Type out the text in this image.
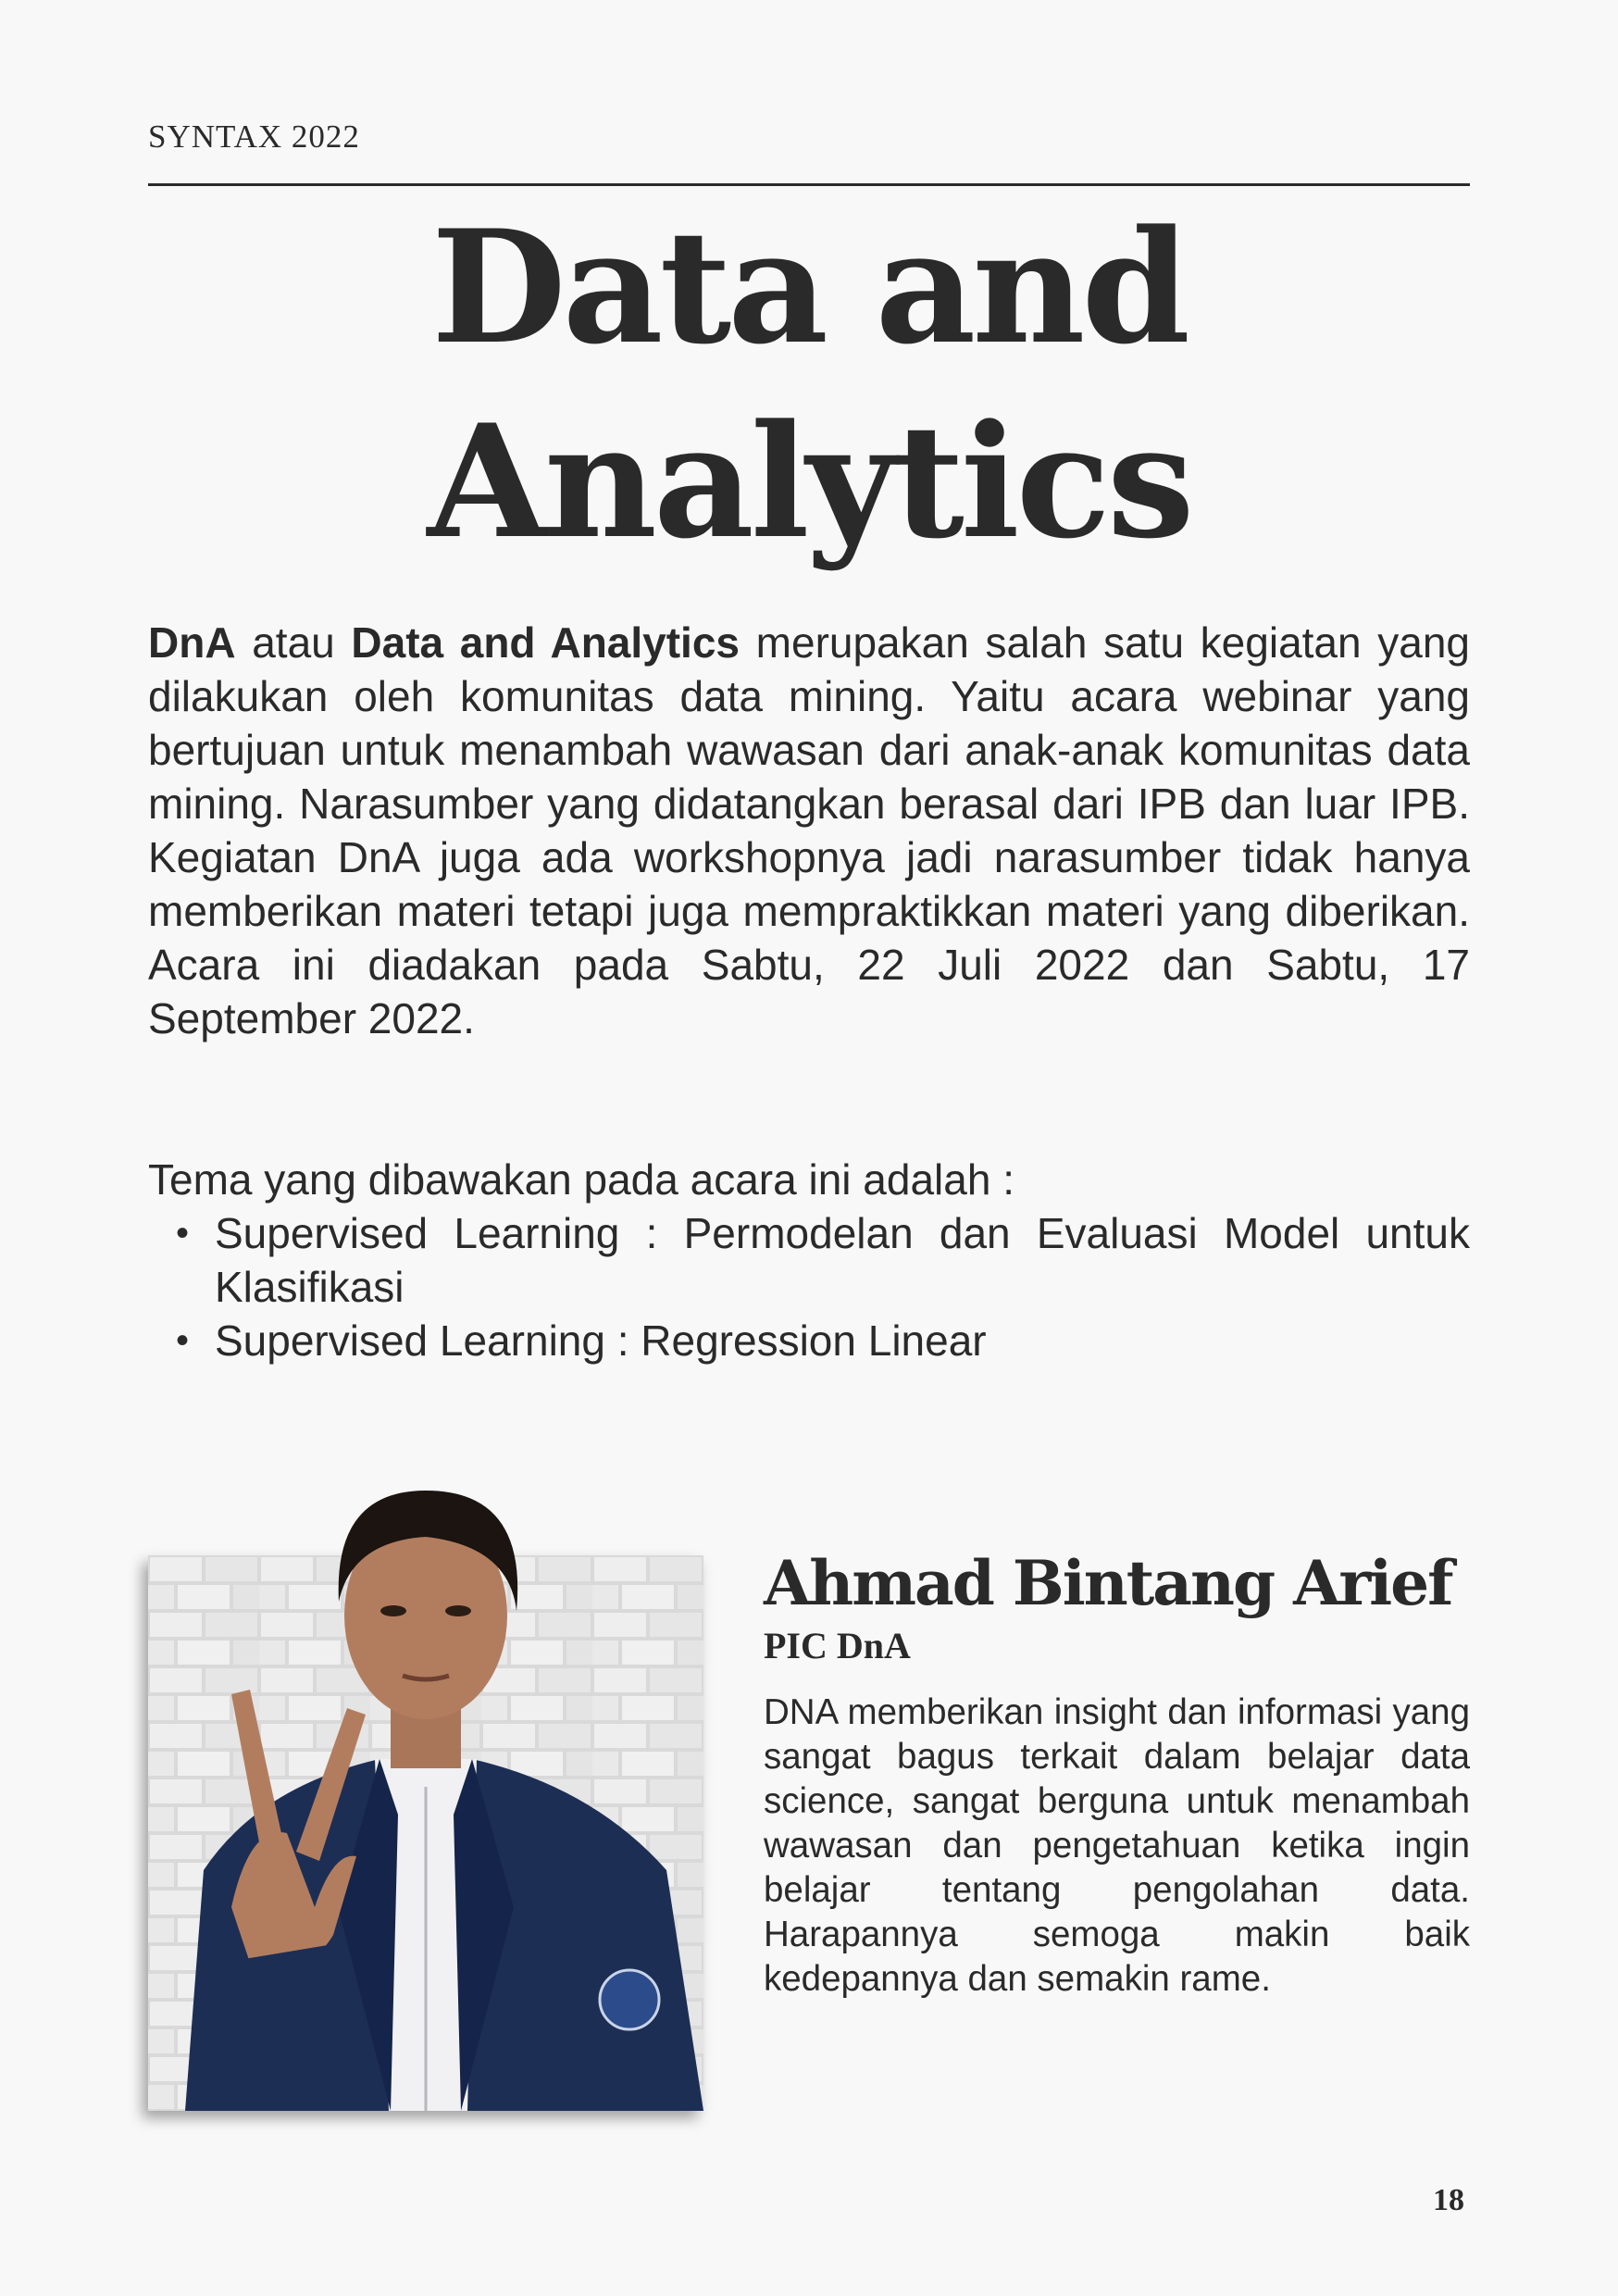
SYNTAX 2022
Data and
Analytics

DnA atau Data and Analytics merupakan salah satu kegiatan yang dilakukan oleh komunitas data mining. Yaitu acara webinar yang bertujuan untuk menambah wawasan dari anak-anak komunitas data mining. Narasumber yang didatangkan berasal dari IPB dan luar IPB. Kegiatan DnA juga ada workshopnya jadi narasumber tidak hanya memberikan materi tetapi juga mempraktikkan materi yang diberikan. Acara ini diadakan pada Sabtu, 22 Juli 2022 dan Sabtu, 17 September 2022.

Tema yang dibawakan pada acara ini adalah :
• Supervised Learning : Permodelan dan Evaluasi Model untuk Klasifikasi
• Supervised Learning : Regression Linear
Ahmad Bintang Arief
PIC DnA

DNA memberikan insight dan informasi yang sangat bagus terkait dalam belajar data science, sangat berguna untuk menambah wawasan dan pengetahuan ketika ingin belajar tentang pengolahan data. Harapannya semoga makin baik kedepannya dan semakin rame.

18
